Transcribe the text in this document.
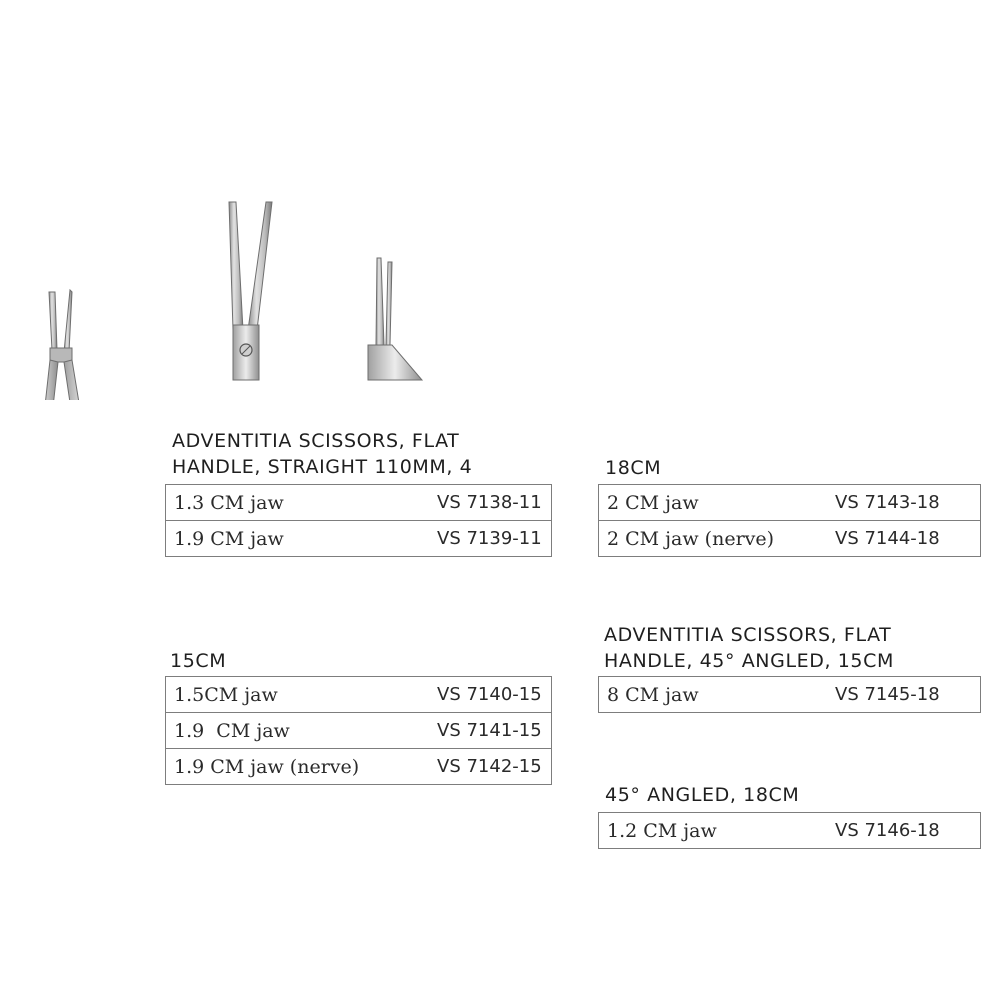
ADVENTITIA SCISSORS, FLAT
HANDLE, STRAIGHT 110MM, 4
1.3 CM jaw	VS 7138-11
1.9 CM jaw	VS 7139-11
15CM
1.5CM jaw	VS 7140-15
1.9  CM jaw	VS 7141-15
1.9 CM jaw (nerve)	VS 7142-15
18CM
2 CM jaw	VS 7143-18
2 CM jaw (nerve)	VS 7144-18
ADVENTITIA SCISSORS, FLAT
HANDLE, 45° ANGLED, 15CM
8 CM jaw	VS 7145-18
45° ANGLED, 18CM
1.2 CM jaw	VS 7146-18
